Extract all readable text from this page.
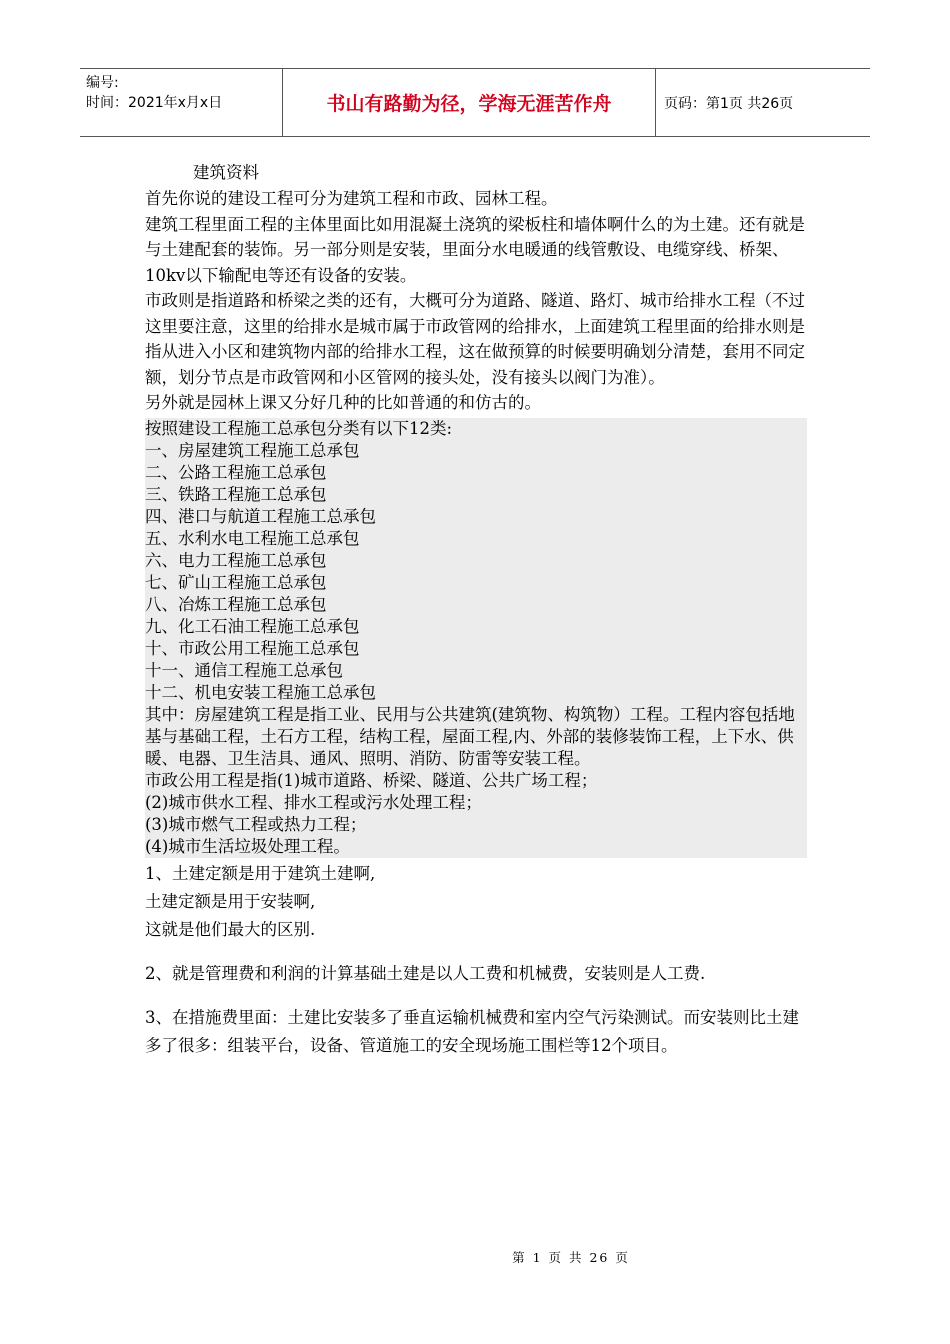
编号:
时间：2021年x月x日	书山有路勤为径，学海无涯苦作舟	页码：第1页 共26页

建筑资料

首先你说的建设工程可分为建筑工程和市政、园林工程。

建筑工程里面工程的主体里面比如用混凝土浇筑的梁板柱和墙体啊什么的为土建。还有就是与土建配套的装饰。另一部分则是安装，里面分水电暖通的线管敷设、电缆穿线、桥架、10kv以下输配电等还有设备的安装。

市政则是指道路和桥梁之类的还有，大概可分为道路、隧道、路灯、城市给排水工程（不过这里要注意，这里的给排水是城市属于市政管网的给排水，上面建筑工程里面的给排水则是指从进入小区和建筑物内部的给排水工程，这在做预算的时候要明确划分清楚，套用不同定额，划分节点是市政管网和小区管网的接头处，没有接头以阀门为准）。

另外就是园林上课又分好几种的比如普通的和仿古的。

按照建设工程施工总承包分类有以下12类:

一、房屋建筑工程施工总承包

二、公路工程施工总承包

三、铁路工程施工总承包

四、港口与航道工程施工总承包

五、水利水电工程施工总承包

六、电力工程施工总承包

七、矿山工程施工总承包

八、冶炼工程施工总承包

九、化工石油工程施工总承包

十、市政公用工程施工总承包

十一、通信工程施工总承包

十二、机电安装工程施工总承包

其中：房屋建筑工程是指工业、民用与公共建筑(建筑物、构筑物）工程。工程内容包括地基与基础工程，土石方工程，结构工程，屋面工程,内、外部的装修装饰工程，上下水、供暖、电器、卫生洁具、通风、照明、消防、防雷等安装工程。

市政公用工程是指(1)城市道路、桥梁、隧道、公共广场工程；

(2)城市供水工程、排水工程或污水处理工程；

(3)城市燃气工程或热力工程；

(4)城市生活垃圾处理工程。

1、土建定额是用于建筑土建啊,

土建定额是用于安装啊,

这就是他们最大的区别.

2、就是管理费和利润的计算基础土建是以人工费和机械费，安装则是人工费.

3、在措施费里面：土建比安装多了垂直运输机械费和室内空气污染测试。而安装则比土建多了很多：组装平台，设备、管道施工的安全现场施工围栏等12个项目。

第 1 页 共 26 页
